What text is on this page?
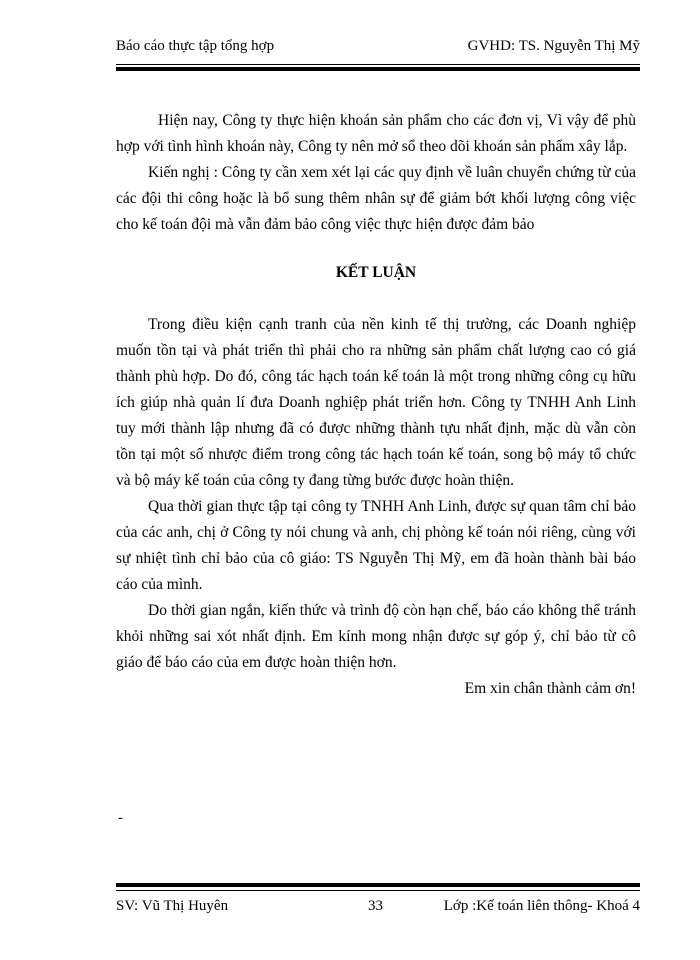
Báo cáo thực tập tổng hợp	GVHD: TS. Nguyễn Thị Mỹ

Hiện nay, Công ty thực hiện khoán sản phẩm cho các đơn vị, Vì vậy để phù hợp với tình hình khoán này, Công ty nên mở sổ theo dõi khoán sản phẩm xây lắp.

Kiến nghị : Công ty cần xem xét lại các quy định về luân chuyển chứng từ của các đội thi công hoặc là bổ sung thêm nhân sự để giảm bớt khối lượng công việc cho kế toán đội mà vẫn đảm bảo công việc thực hiện được đảm bảo

KẾT LUẬN

Trong điều kiện cạnh tranh của nền kinh tế thị trường, các Doanh nghiệp muốn tồn tại và phát triển thì phải cho ra những sản phẩm chất lượng cao có giá thành phù hợp. Do đó, công tác hạch toán kế toán là một trong những công cụ hữu ích giúp nhà quản lí đưa Doanh nghiệp phát triển hơn. Công ty TNHH Anh Linh tuy mới thành lập nhưng đã có được những thành tựu nhất định, mặc dù vẫn còn tồn tại một số nhược điểm trong công tác hạch toán kế toán, song bộ máy tổ chức và bộ máy kế toán của công ty đang từng bước được hoàn thiện.

Qua thời gian thực tập tại công ty TNHH Anh Linh, được sự quan tâm chỉ bảo của các anh, chị ở Công ty nói chung và anh, chị phòng kế toán nói riêng, cùng với sự nhiệt tình chỉ bảo của cô giáo: TS Nguyễn Thị Mỹ, em đã hoàn thành bài báo cáo của mình.

Do thời gian ngắn, kiến thức và trình độ còn hạn chế, báo cáo không thể tránh khỏi những sai xót nhất định. Em kính mong nhận được sự góp ý, chỉ bảo từ cô giáo để báo cáo của em được hoàn thiện hơn.

Em xin chân thành cảm ơn!

-
SV: Vũ Thị Huyên	33	Lớp :Kế toán liên thông- Khoá 4
